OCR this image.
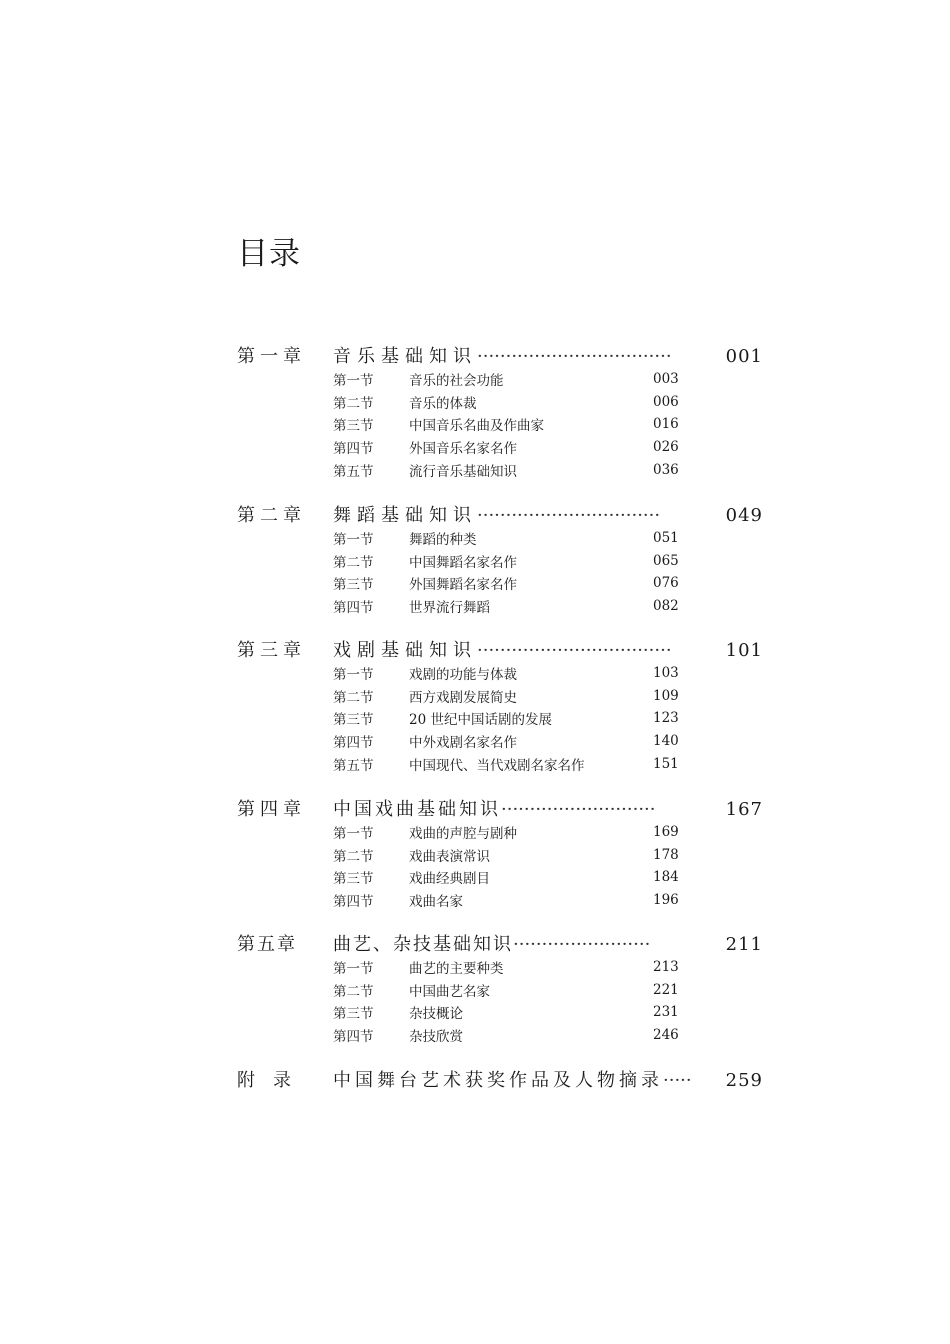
目录
第一章	音乐基础知识 ··································	001
第一节	音乐的社会功能	003
第二节	音乐的体裁	006
第三节	中国音乐名曲及作曲家	016
第四节	外国音乐名家名作	026
第五节	流行音乐基础知识	036
第二章	舞蹈基础知识 ································	049
第一节	舞蹈的种类	051
第二节	中国舞蹈名家名作	065
第三节	外国舞蹈名家名作	076
第四节	世界流行舞蹈	082
第三章	戏剧基础知识 ··································	101
第一节	戏剧的功能与体裁	103
第二节	西方戏剧发展简史	109
第三节	20 世纪中国话剧的发展	123
第四节	中外戏剧名家名作	140
第五节	中国现代、当代戏剧名家名作	151
第四章	中国戏曲基础知识 ···························	167
第一节	戏曲的声腔与剧种	169
第二节	戏曲表演常识	178
第三节	戏曲经典剧目	184
第四节	戏曲名家	196
第五章	曲艺、杂技基础知识 ························	211
第一节	曲艺的主要种类	213
第二节	中国曲艺名家	221
第三节	杂技概论	231
第四节	杂技欣赏	246
附录	中国舞台艺术获奖作品及人物摘录 ·····	259
